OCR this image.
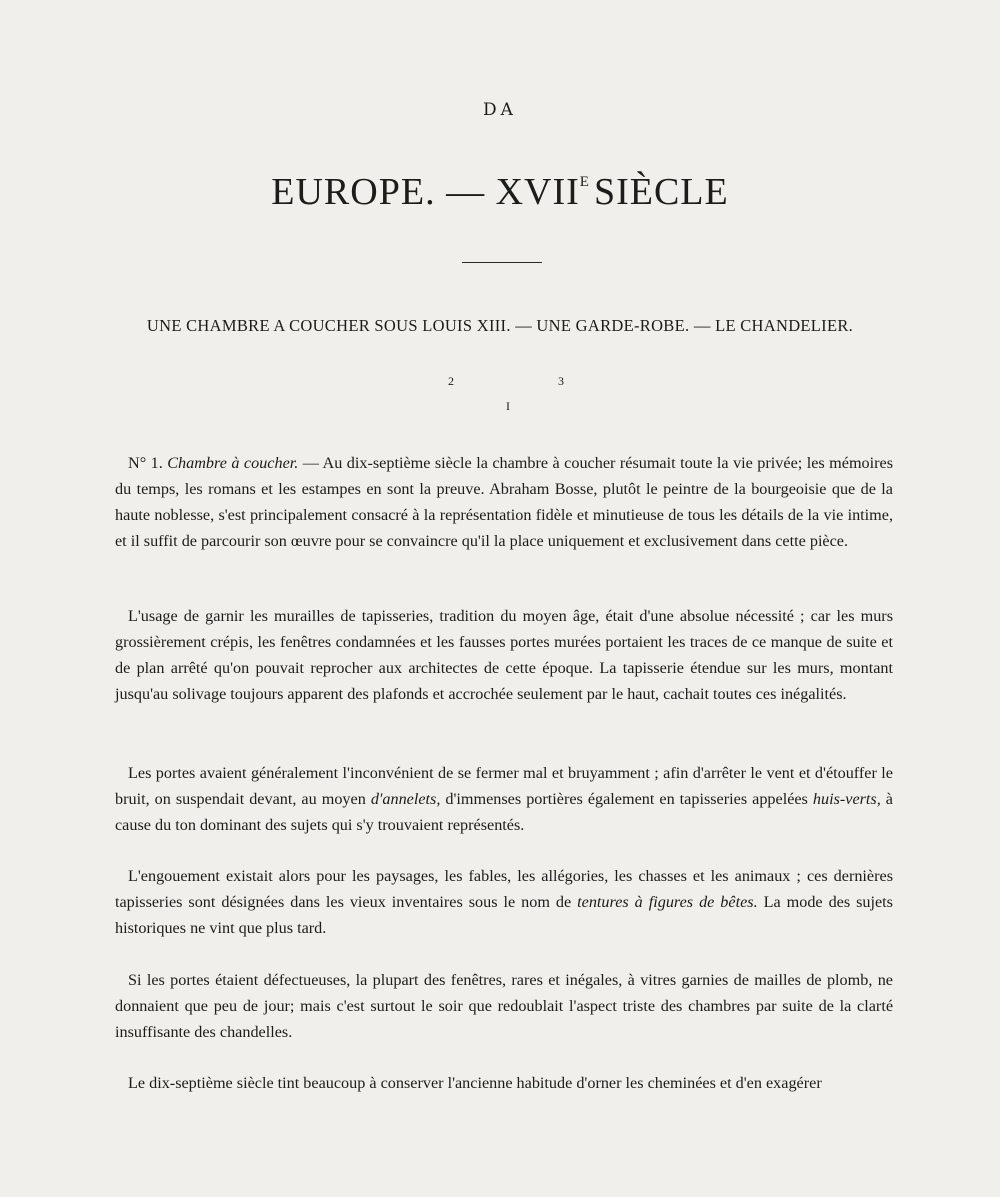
DA
EUROPE. — $XVII^E$ SIÈCLE
UNE CHAMBRE A COUCHER SOUS LOUIS XIII. — UNE GARDE-ROBE. — LE CHANDELIER.
2	3
I

N° 1. Chambre à coucher. — Au dix-septième siècle la chambre à coucher résumait toute la vie privée; les mémoires du temps, les romans et les estampes en sont la preuve. Abraham Bosse, plutôt le peintre de la bourgeoisie que de la haute noblesse, s'est principalement consacré à la représentation fidèle et minutieuse de tous les détails de la vie intime, et il suffit de parcourir son œuvre pour se convaincre qu'il la place uniquement et exclusivement dans cette pièce.

L'usage de garnir les murailles de tapisseries, tradition du moyen âge, était d'une absolue nécessité ; car les murs grossièrement crépis, les fenêtres condamnées et les fausses portes murées portaient les traces de ce manque de suite et de plan arrêté qu'on pouvait reprocher aux architectes de cette époque. La tapisserie étendue sur les murs, montant jusqu'au solivage toujours apparent des plafonds et accrochée seulement par le haut, cachait toutes ces inégalités.

Les portes avaient généralement l'inconvénient de se fermer mal et bruyamment ; afin d'arrêter le vent et d'étouffer le bruit, on suspendait devant, au moyen d'annelets, d'immenses portières également en tapisseries appelées huis-verts, à cause du ton dominant des sujets qui s'y trouvaient représentés.

L'engouement existait alors pour les paysages, les fables, les allégories, les chasses et les animaux ; ces dernières tapisseries sont désignées dans les vieux inventaires sous le nom de tentures à figures de bêtes. La mode des sujets historiques ne vint que plus tard.

Si les portes étaient défectueuses, la plupart des fenêtres, rares et inégales, à vitres garnies de mailles de plomb, ne donnaient que peu de jour; mais c'est surtout le soir que redoublait l'aspect triste des chambres par suite de la clarté insuffisante des chandelles.

Le dix-septième siècle tint beaucoup à conserver l'ancienne habitude d'orner les cheminées et d'en exagérer
